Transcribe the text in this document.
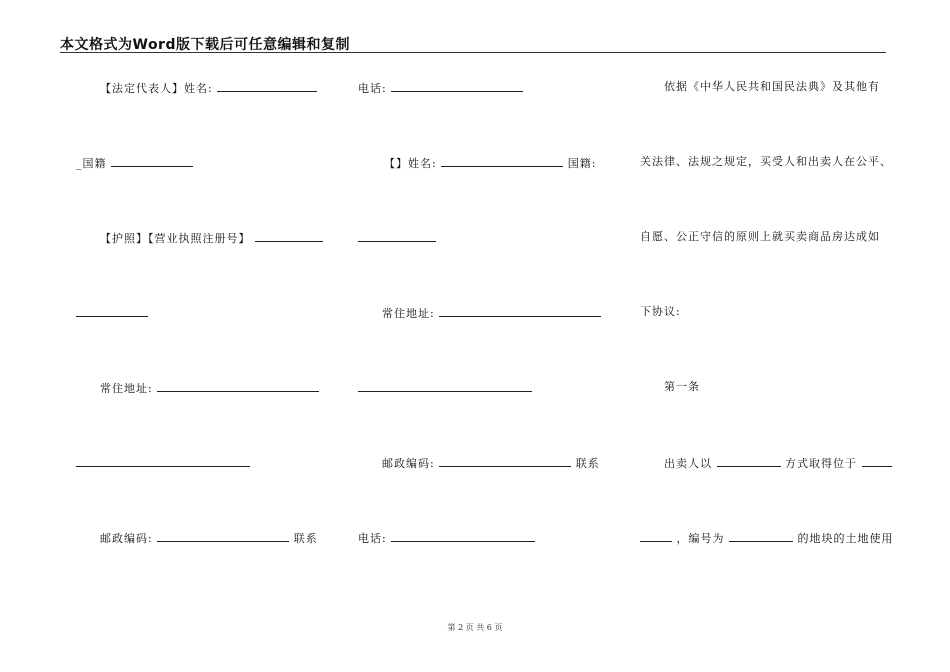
本文格式为Word版下载后可任意编辑和复制
【法定代表人】姓名:
_国籍
【护照】【营业执照注册号】
常住地址:
邮政编码:	联系
电话:
【】姓名:	国籍:
常住地址:
邮政编码:	联系
电话:
依据《中华人民共和国民法典》及其他有
关法律、法规之规定，买受人和出卖人在公平、
自愿、公正守信的原则上就买卖商品房达成如
下协议:
第一条
出卖人以	方式取得位于
，编号为	的地块的土地使用
第 2 页 共 6 页
